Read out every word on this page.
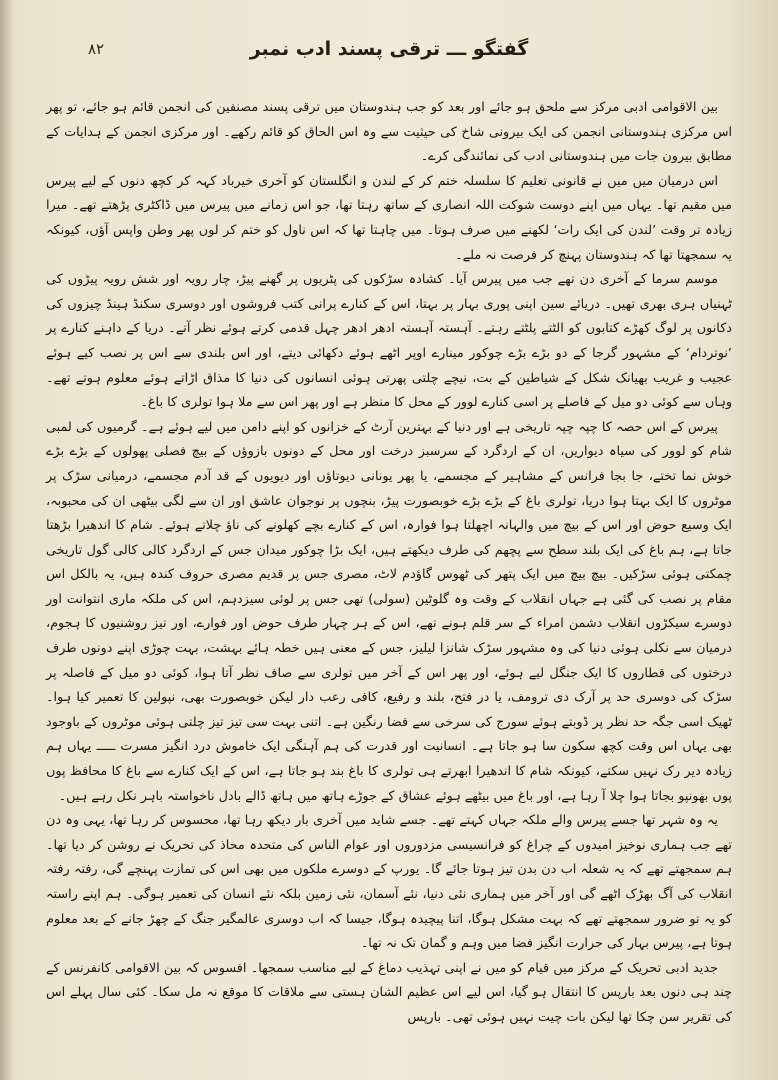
٨٢	گفتگو ـــ ترقی پسند ادب نمبر

بین الاقوامی ادبی مرکز سے ملحق ہو جائے اور بعد کو جب ہندوستان میں ترقی پسند مصنفین کی انجمن قائم ہو جائے، تو پھر اس مرکزی ہندوستانی انجمن کی ایک بیرونی شاخ کی حیثیت سے وہ اس الحاق کو قائم رکھے۔ اور مرکزی انجمن کے ہدایات کے مطابق بیرون جات میں ہندوستانی ادب کی نمائندگی کرے۔

اس درمیان میں میں نے قانونی تعلیم کا سلسلہ ختم کر کے لندن و انگلستان کو آخری خیرباد کہہ کر کچھ دنوں کے لیے پیرس میں مقیم تھا۔ یہاں میں اپنے دوست شوکت اللہ انصاری کے ساتھ رہتا تھا، جو اس زمانے میں پیرس میں ڈاکٹری پڑھتے تھے۔ میرا زیادہ تر وقت ’لندن کی ایک رات‘ لکھنے میں صرف ہوتا۔ میں چاہتا تھا کہ اس ناول کو ختم کر لوں پھر وطن واپس آؤں، کیونکہ یہ سمجھتا تھا کہ ہندوستان پہنچ کر فرصت نہ ملے۔

موسم سرما کے آخری دن تھے جب میں پیرس آیا۔ کشادہ سڑکوں کی پٹریوں پر گھنے پیڑ، چار رویہ اور شش رویہ پیڑوں کی ٹہنیاں ہری بھری تھیں۔ دریائے سین اپنی پوری بہار پر بہتا، اس کے کنارے پرانی کتب فروشوں اور دوسری سکنڈ ہینڈ چیزوں کی دکانوں پر لوگ کھڑے کتابوں کو الٹتے پلٹتے رہتے۔ آہستہ آہستہ ادھر ادھر چہل قدمی کرتے ہوئے نظر آتے۔ دریا کے داہنے کنارے پر ’نوتردام‘ کے مشہور گرجا کے دو بڑے بڑے چوکور مینارے اوپر اٹھے ہوئے دکھائی دیتے، اور اس بلندی سے اس پر نصب کیے ہوئے عجیب و غریب بھیانک شکل کے شیاطین کے بت، نیچے چلتی پھرتی ہوئی انسانوں کی دنیا کا مذاق اڑاتے ہوئے معلوم ہوتے تھے۔ وہاں سے کوئی دو میل کے فاصلے پر اسی کنارے لوور کے محل کا منظر ہے اور پھر اس سے ملا ہوا تولری کا باغ۔

پیرس کے اس حصہ کا چپہ چپہ تاریخی ہے اور دنیا کے بہترین آرٹ کے خزانوں کو اپنے دامن میں لیے ہوئے ہے۔ گرمیوں کی لمبی شام کو لوور کی سیاہ دیواریں، ان کے اردگرد کے سرسبز درخت اور محل کے دونوں بازوؤں کے بیچ فصلی پھولوں کے بڑے بڑے خوش نما تختے، جا بجا فرانس کے مشاہیر کے مجسمے، یا پھر یونانی دیوتاؤں اور دیویوں کے قد آدم مجسمے، درمیانی سڑک پر موٹروں کا ایک بہتا ہوا دریا، تولری باغ کے بڑے بڑے خوبصورت پیڑ، بنچوں پر نوجوان عاشق اور ان سے لگی بیٹھی ان کی محبوبہ، ایک وسیع حوض اور اس کے بیچ میں والہانہ اچھلتا ہوا فوارہ، اس کے کنارے بچے کھلونے کی ناؤ چلاتے ہوئے۔ شام کا اندھیرا بڑھتا جاتا ہے، ہم باغ کی ایک بلند سطح سے پچھم کی طرف دیکھتے ہیں، ایک بڑا چوکور میدان جس کے اردگرد کالی کالی گول تاریخی چمکتی ہوئی سڑکیں۔ بیچ بیچ میں ایک پتھر کی ٹھوس گاؤدم لاٹ، مصری جس پر قدیم مصری حروف کندہ ہیں، یہ بالکل اس مقام پر نصب کی گئی ہے جہاں انقلاب کے وقت وہ گلوٹین (سولی) تھی جس پر لوئی سیزدہم، اس کی ملکہ ماری انتوانت اور دوسرے سیکڑوں انقلاب دشمن امراء کے سر قلم ہونے تھے، اس کے ہر چہار طرف حوض اور فوارے، اور تیز روشنیوں کا ہجوم، درمیان سے نکلی ہوئی دنیا کی وہ مشہور سڑک شانزا لیلیز، جس کے معنی ہیں خطہ ہائے بہشت، بہت چوڑی اپنے دونوں طرف درختوں کی قطاروں کا ایک جنگل لیے ہوئے، اور پھر اس کے آخر میں تولری سے صاف نظر آتا ہوا، کوئی دو میل کے فاصلہ پر سڑک کی دوسری حد پر آرک دی ترومف، یا در فتح، بلند و رفیع، کافی رعب دار لیکن خوبصورت بھی، نپولین کا تعمیر کیا ہوا۔ ٹھیک اسی جگہ حد نظر پر ڈوبتے ہوئے سورج کی سرخی سے فضا رنگین ہے۔ اتنی بہت سی تیز تیز چلتی ہوئی موٹروں کے باوجود بھی یہاں اس وقت کچھ سکون سا ہو جاتا ہے۔ انسانیت اور قدرت کی ہم آہنگی ایک خاموش درد انگیز مسرت ـــــ یہاں ہم زیادہ دیر رک نہیں سکتے، کیونکہ شام کا اندھیرا ابھرتے ہی تولری کا باغ بند ہو جاتا ہے، اس کے ایک کنارے سے باغ کا محافظ پوں پوں بھونپو بجاتا ہوا چلا آ رہا ہے، اور باغ میں بیٹھے ہوئے عشاق کے جوڑے ہاتھ میں ہاتھ ڈالے بادل ناخواستہ باہر نکل رہے ہیں۔

یہ وہ شہر تھا جسے پیرس والے ملکہ جہاں کہتے تھے۔ جسے شاید میں آخری بار دیکھ رہا تھا، محسوس کر رہا تھا، یہی وہ دن تھے جب ہماری نوخیز امیدوں کے چراغ کو فرانسیسی مزدوروں اور عوام الناس کی متحدہ محاذ کی تحریک نے روشن کر دیا تھا۔ ہم سمجھتے تھے کہ یہ شعلہ اب دن بدن تیز ہوتا جائے گا۔ یورپ کے دوسرے ملکوں میں بھی اس کی تمازت پہنچے گی، رفتہ رفتہ انقلاب کی آگ بھڑک اٹھے گی اور آخر میں ہماری نئی دنیا، نئے آسمان، نئی زمین بلکہ نئے انسان کی تعمیر ہوگی۔ ہم اپنے راستہ کو یہ تو ضرور سمجھتے تھے کہ بہت مشکل ہوگا، اتنا پیچیدہ ہوگا، جیسا کہ اب دوسری عالمگیر جنگ کے چھڑ جانے کے بعد معلوم ہوتا ہے، پیرس بہار کی حرارت انگیز فضا میں وہم و گمان تک نہ تھا۔

جدید ادبی تحریک کے مرکز میں قیام کو میں نے اپنی تہذیب دماغ کے لیے مناسب سمجھا۔ افسوس کہ بین الاقوامی کانفرنس کے چند ہی دنوں بعد بارپس کا انتقال ہو گیا، اس لیے اس عظیم الشان ہستی سے ملاقات کا موقع نہ مل سکا۔ کئی سال پہلے اس کی تقریر سن چکا تھا لیکن بات چیت نہیں ہوئی تھی۔ بارپس
